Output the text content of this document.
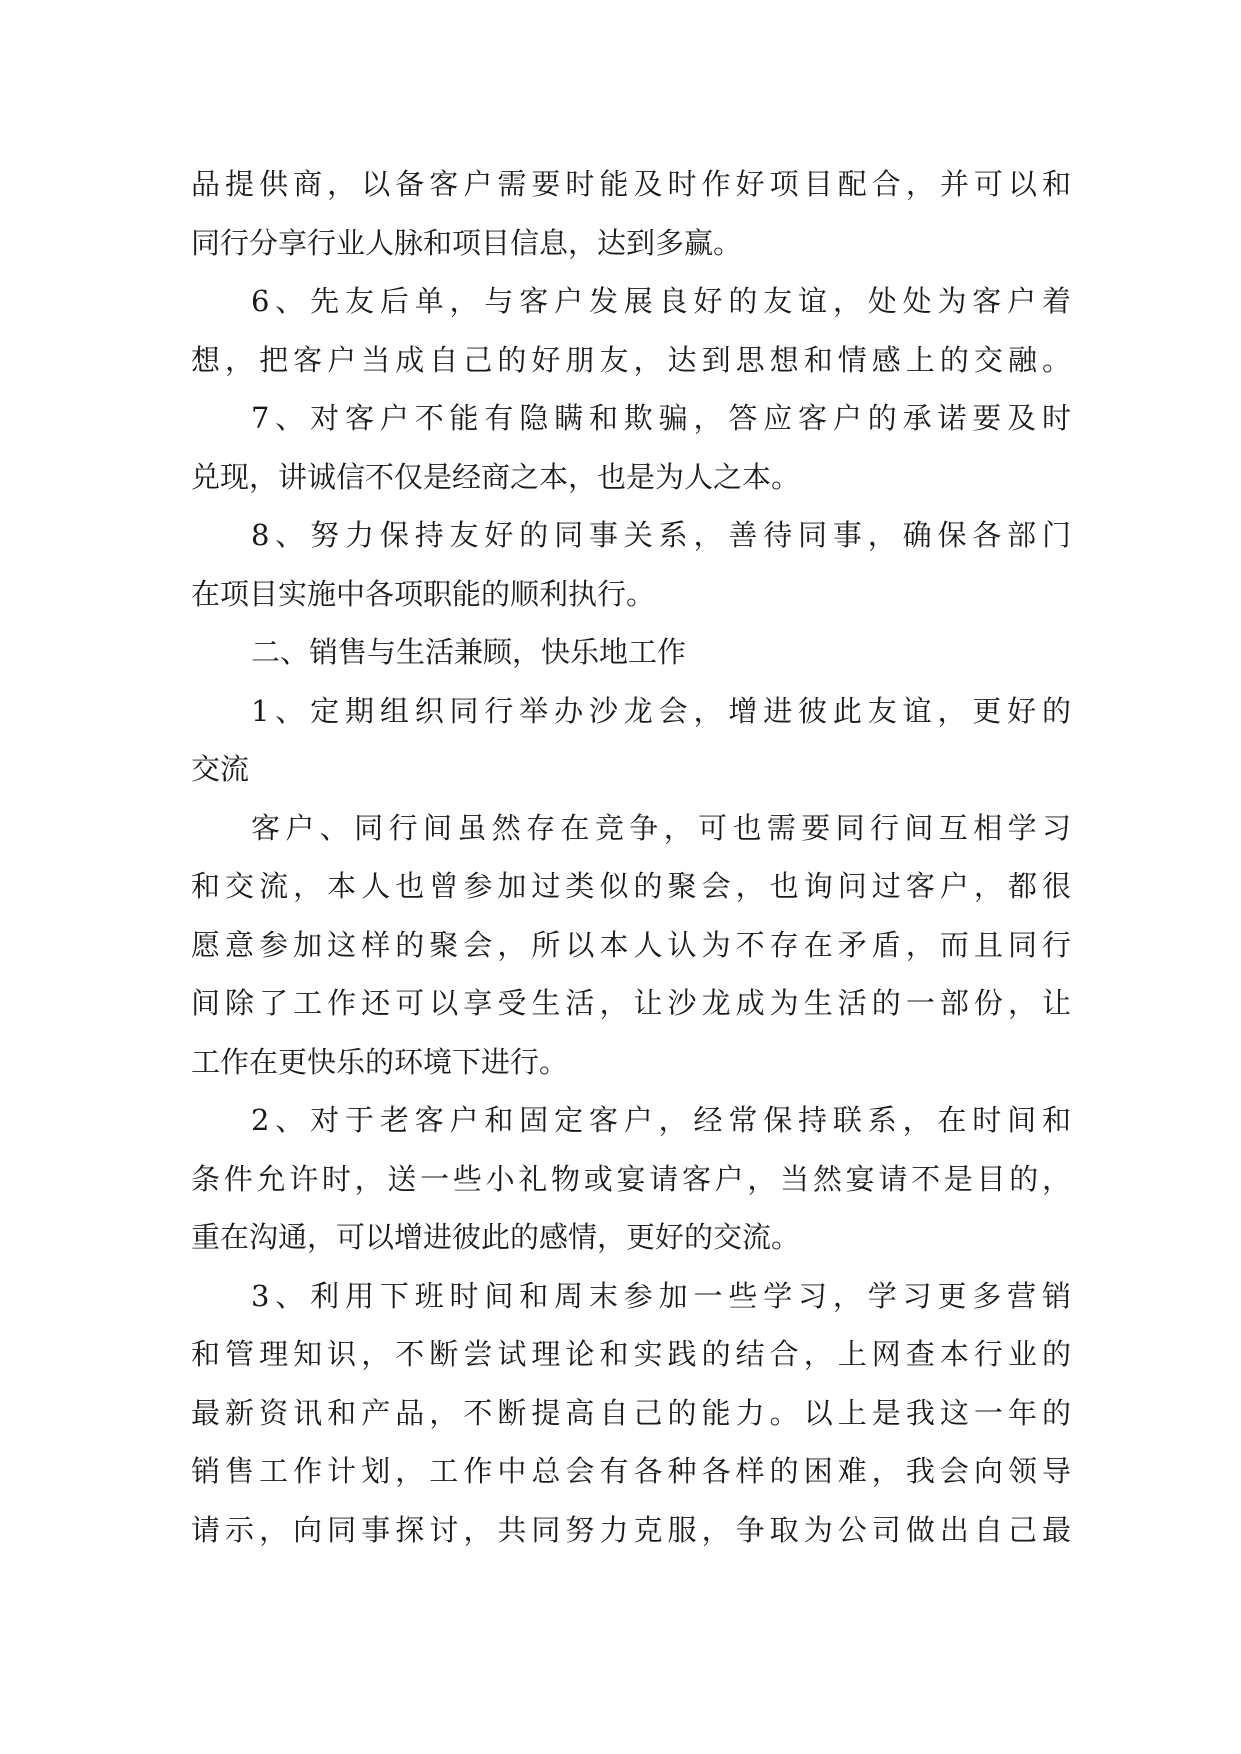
品提供商，以备客户需要时能及时作好项目配合，并可以和
同行分享行业人脉和项目信息，达到多赢。
6、先友后单，与客户发展良好的友谊，处处为客户着
想，把客户当成自己的好朋友，达到思想和情感上的交融。
7、对客户不能有隐瞒和欺骗，答应客户的承诺要及时
兑现，讲诚信不仅是经商之本，也是为人之本。
8、努力保持友好的同事关系，善待同事，确保各部门
在项目实施中各项职能的顺利执行。
二、销售与生活兼顾，快乐地工作
1、定期组织同行举办沙龙会，增进彼此友谊，更好的
交流
客户、同行间虽然存在竞争，可也需要同行间互相学习
和交流，本人也曾参加过类似的聚会，也询问过客户，都很
愿意参加这样的聚会，所以本人认为不存在矛盾，而且同行
间除了工作还可以享受生活，让沙龙成为生活的一部份，让
工作在更快乐的环境下进行。
2、对于老客户和固定客户，经常保持联系，在时间和
条件允许时，送一些小礼物或宴请客户，当然宴请不是目的，
重在沟通，可以增进彼此的感情，更好的交流。
3、利用下班时间和周末参加一些学习，学习更多营销
和管理知识，不断尝试理论和实践的结合，上网查本行业的
最新资讯和产品，不断提高自己的能力。以上是我这一年的
销售工作计划，工作中总会有各种各样的困难，我会向领导
请示，向同事探讨，共同努力克服，争取为公司做出自己最
